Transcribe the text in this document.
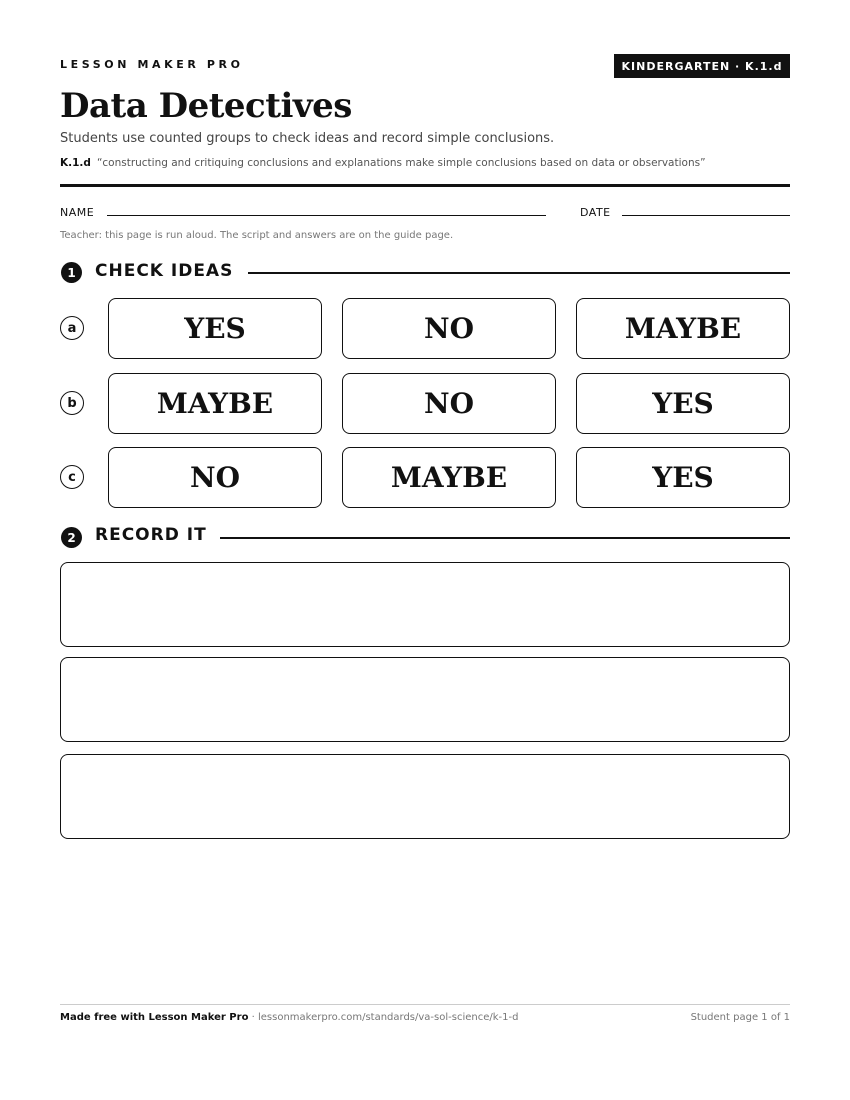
LESSON MAKER PRO	KINDERGARTEN · K.1.d
Data Detectives
Students use counted groups to check ideas and record simple conclusions.
K.1.d “constructing and critiquing conclusions and explanations make simple conclusions based on data or observations”
NAME	DATE
Teacher: this page is run aloud. The script and answers are on the guide page.
1	CHECK IDEAS
a	YES	NO	MAYBE
b	MAYBE	NO	YES
c	NO	MAYBE	YES
2	RECORD IT
Made free with Lesson Maker Pro · lessonmakerpro.com/standards/va-sol-science/k-1-d	Student page 1 of 1
